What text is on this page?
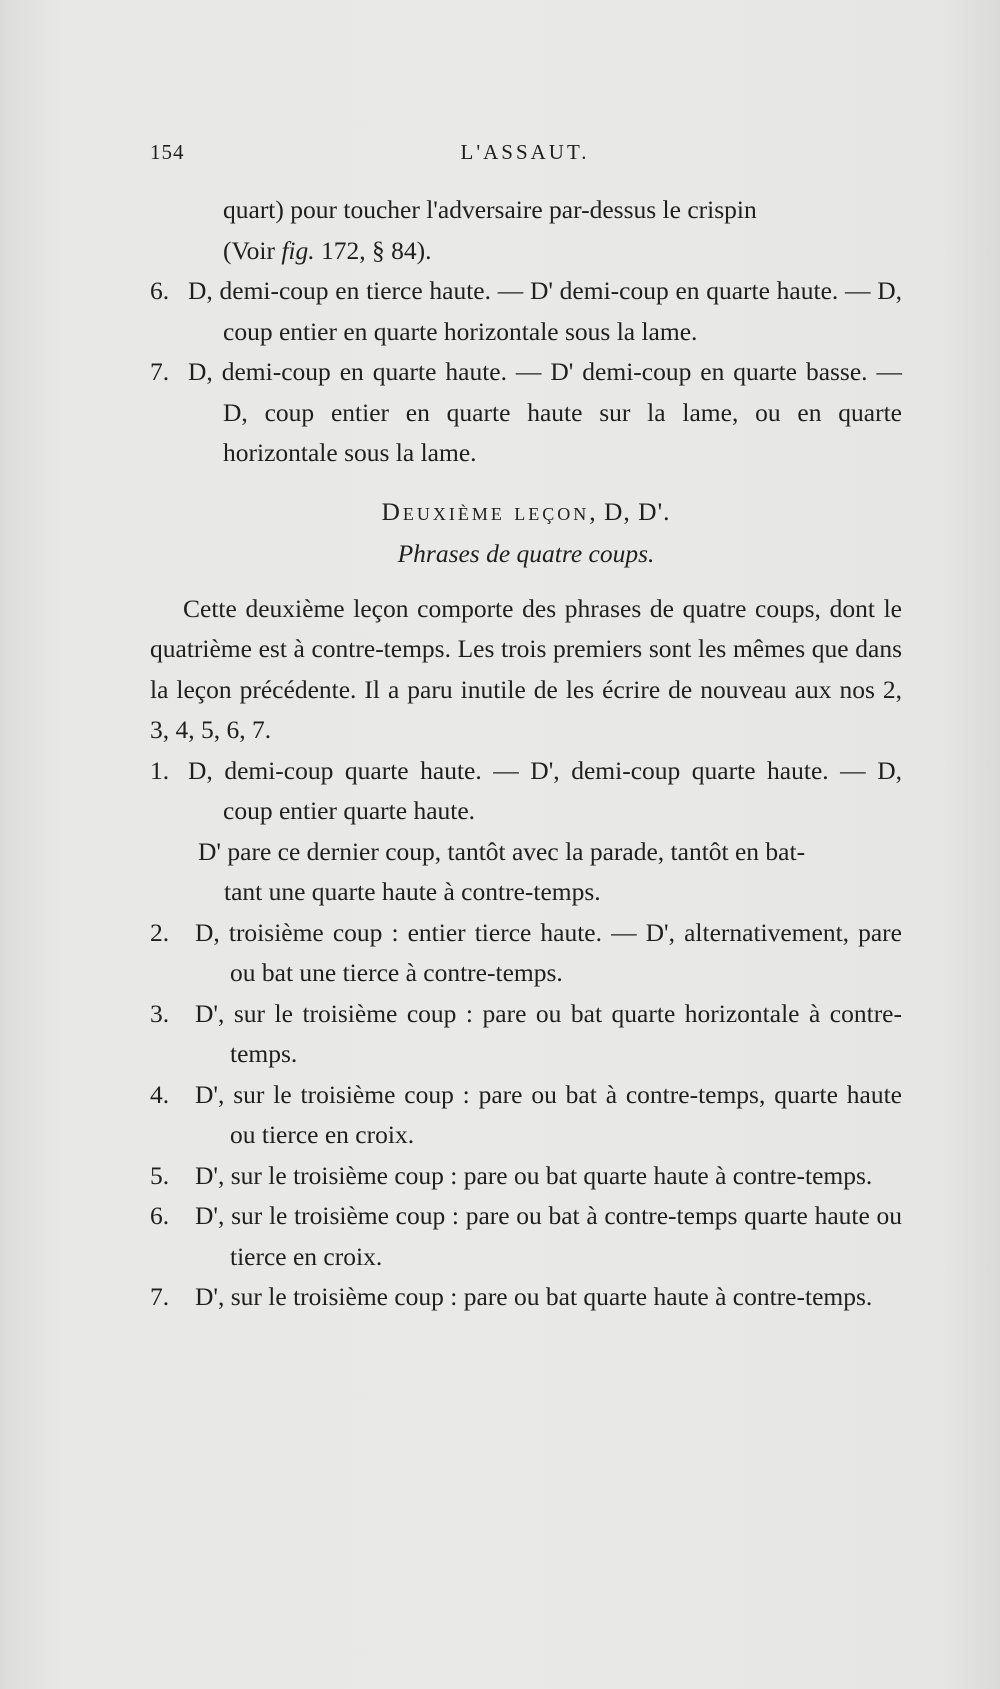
154	L'ASSAUT.

quart) pour toucher l'adversaire par-dessus le crispin

(Voir fig. 172, § 84).

6. D, demi-coup en tierce haute. — D' demi-coup en quarte haute. — D, coup entier en quarte horizontale sous la lame.

7. D, demi-coup en quarte haute. — D' demi-coup en quarte basse. — D, coup entier en quarte haute sur la lame, ou en quarte horizontale sous la lame.

Deuxième leçon, D, D'.
Phrases de quatre coups.

Cette deuxième leçon comporte des phrases de quatre coups, dont le quatrième est à contre-temps. Les trois premiers sont les mêmes que dans la leçon précédente. Il a paru inutile de les écrire de nouveau aux nos 2, 3, 4, 5, 6, 7.

1. D, demi-coup quarte haute. — D', demi-coup quarte haute. — D, coup entier quarte haute.

D' pare ce dernier coup, tantôt avec la parade, tantôt en bat-
tant une quarte haute à contre-temps.

2. D, troisième coup : entier tierce haute. — D', alternativement, pare ou bat une tierce à contre-temps.

3. D', sur le troisième coup : pare ou bat quarte horizontale à contre-temps.

4. D', sur le troisième coup : pare ou bat à contre-temps, quarte haute ou tierce en croix.

5. D', sur le troisième coup : pare ou bat quarte haute à contre-temps.

6. D', sur le troisième coup : pare ou bat à contre-temps quarte haute ou tierce en croix.

7. D', sur le troisième coup : pare ou bat quarte haute à contre-temps.
